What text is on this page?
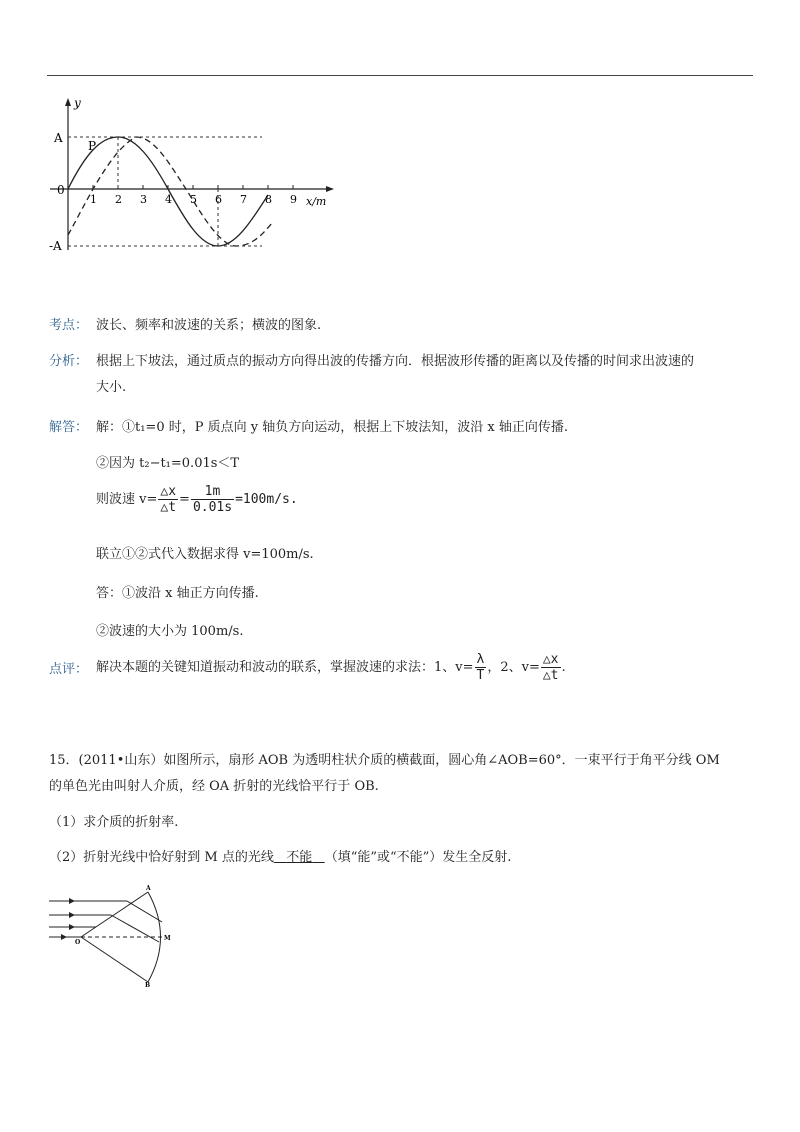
y
x/m
A
-A
0
P
1 2 3 4 5 6 7 8 9
考点： 波长、频率和波速的关系；横波的图象.
分析： 根据上下坡法，通过质点的振动方向得出波的传播方向．根据波形传播的距离以及传播的时间求出波速的
大小.
解答： 解：①t₁=0 时，P 质点向 y 轴负方向运动，根据上下坡法知，波沿 x 轴正向传播.
②因为 t₂−t₁=0.01s＜T
则波速 $v= \frac{\triangle x}{\triangle t} = \frac{1m}{0.01s} =100m/s$.
联立①②式代入数据求得 v=100m/s.
答：①波沿 x 轴正方向传播.
②波速的大小为 100m/s.
点评： 解决本题的关键知道振动和波动的联系，掌握波速的求法：1、$v= \frac{\lambda}{T}$ ，2、$v= \frac{\triangle x}{\triangle t}$ .
15．(2011•山东）如图所示，扇形 AOB 为透明柱状介质的横截面，圆心角∠AOB=60°．一束平行于角平分线 OM
的单色光由叫射人介质，经 OA 折射的光线恰平行于 OB.
（1）求介质的折射率.
（2）折射光线中恰好射到 M 点的光线 不能 （填“能”或“不能”）发生全反射.
A
O
M
B
